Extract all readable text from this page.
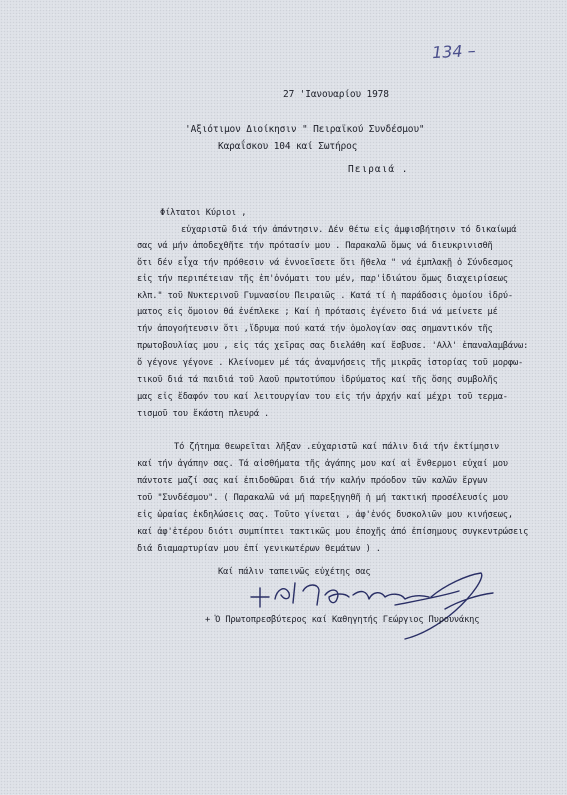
134 –
27 'Ιανουαρίου 1978
'Αξιότιμον Διοίκησιν " Πειραϊκού Συνδέσμου"
Καραΐσκου 104 καί Σωτήρος
Πειραιά .
Φίλτατοι Κύριοι ,
εὐχαριστῶ διά τήν ἀπάντησιν. Δέν θέτω εἰς ἀμφισβήτησιν τό δικαίωμά
σας νά μήν ἀποδεχθῆτε τήν πρότασίν μου . Παρακαλῶ ὅμως νά διευκρινισθῆ
ὅτι δέν εἶχα τήν πρόθεσιν νά ἐννοεῖσετε ὅτι ἤθελα " νά ἐμπλακῇ ὁ Σύνδεσμος
εἰς τήν περιπέτειαν τῆς ἐπ'ὀνόματι του μέν, παρ'ἰδιώτου ὅμως διαχειρίσεως
κλπ." τοῦ Νυκτερινοῦ Γυμνασίου Πειραιῶς . Κατά τί ἡ παράδοσις ὁμοίου ἱδρύ-
ματος εἰς ὅμοιον θά ἐνέπλεκε ; Καί ἡ πρότασις ἐγένετο διά νά μείνετε μέ
τήν ἀπογοήτευσιν ὅτι ,ἵδρυμα πού κατά τήν ὁμολογίαν σας σημαντικόν τῆς
πρωτοβουλίας μου , εἰς τάς χεῖρας σας διελάθη καί ἔσβυσε. 'Αλλ' ἐπαναλαμβάνω:
ὅ γέγονε γέγονε . Κλείνομεν μέ τάς ἀναμνήσεις τῆς μικρᾶς ἱστορίας τοῦ μορφω-
τικοῦ διά τά παιδιά τοῦ λαοῦ πρωτοτύπου ἱδρύματος καί τῆς ὅσης συμβολῆς
μας εἰς ἔδαφόν του καί λειτουργίαν του εἰς τήν ἀρχήν καί μέχρι τοῦ τερμα-
τισμοῦ του ἔκάστη πλευρά .
Τό ζήτημα θεωρεῖται λῆξαν .εὐχαριστῶ καί πάλιν διά τήν ἐκτίμησιν
καί τήν ἀγάπην σας. Τά αἰσθήματα τῆς ἀγάπης μου καί αἱ ἔνθερμοι εὐχαί μου
πάντοτε μαζί σας καί ἐπιδοθῶραι διά τήν καλήν πρόοδον τῶν καλῶν ἔργων
τοῦ "Συνδέσμου". ( Παρακαλῶ νά μή παρεξηγηθῆ ἡ μή τακτική προσέλευσίς μου
εἰς ὡραίας ἐκδηλώσεις σας. Τοῦτο γίνεται , ἀφ'ἑνός δυσκολιῶν μου κινήσεως,
καί ἀφ'ἑτέρου διότι συμπίπτει τακτικῶς μου ἐποχῆς ἀπό ἐπίσημους συγκεντρώσεις
διά διαμαρτυρίαν μου ἐπί γενικωτέρων θεμάτων ) .
Καί πάλιν ταπεινῶς εὐχέτης σας
+ Ὁ Πρωτοπρεσβύτερος καί Καθηγητής Γεώργιος Πυρουνάκης
